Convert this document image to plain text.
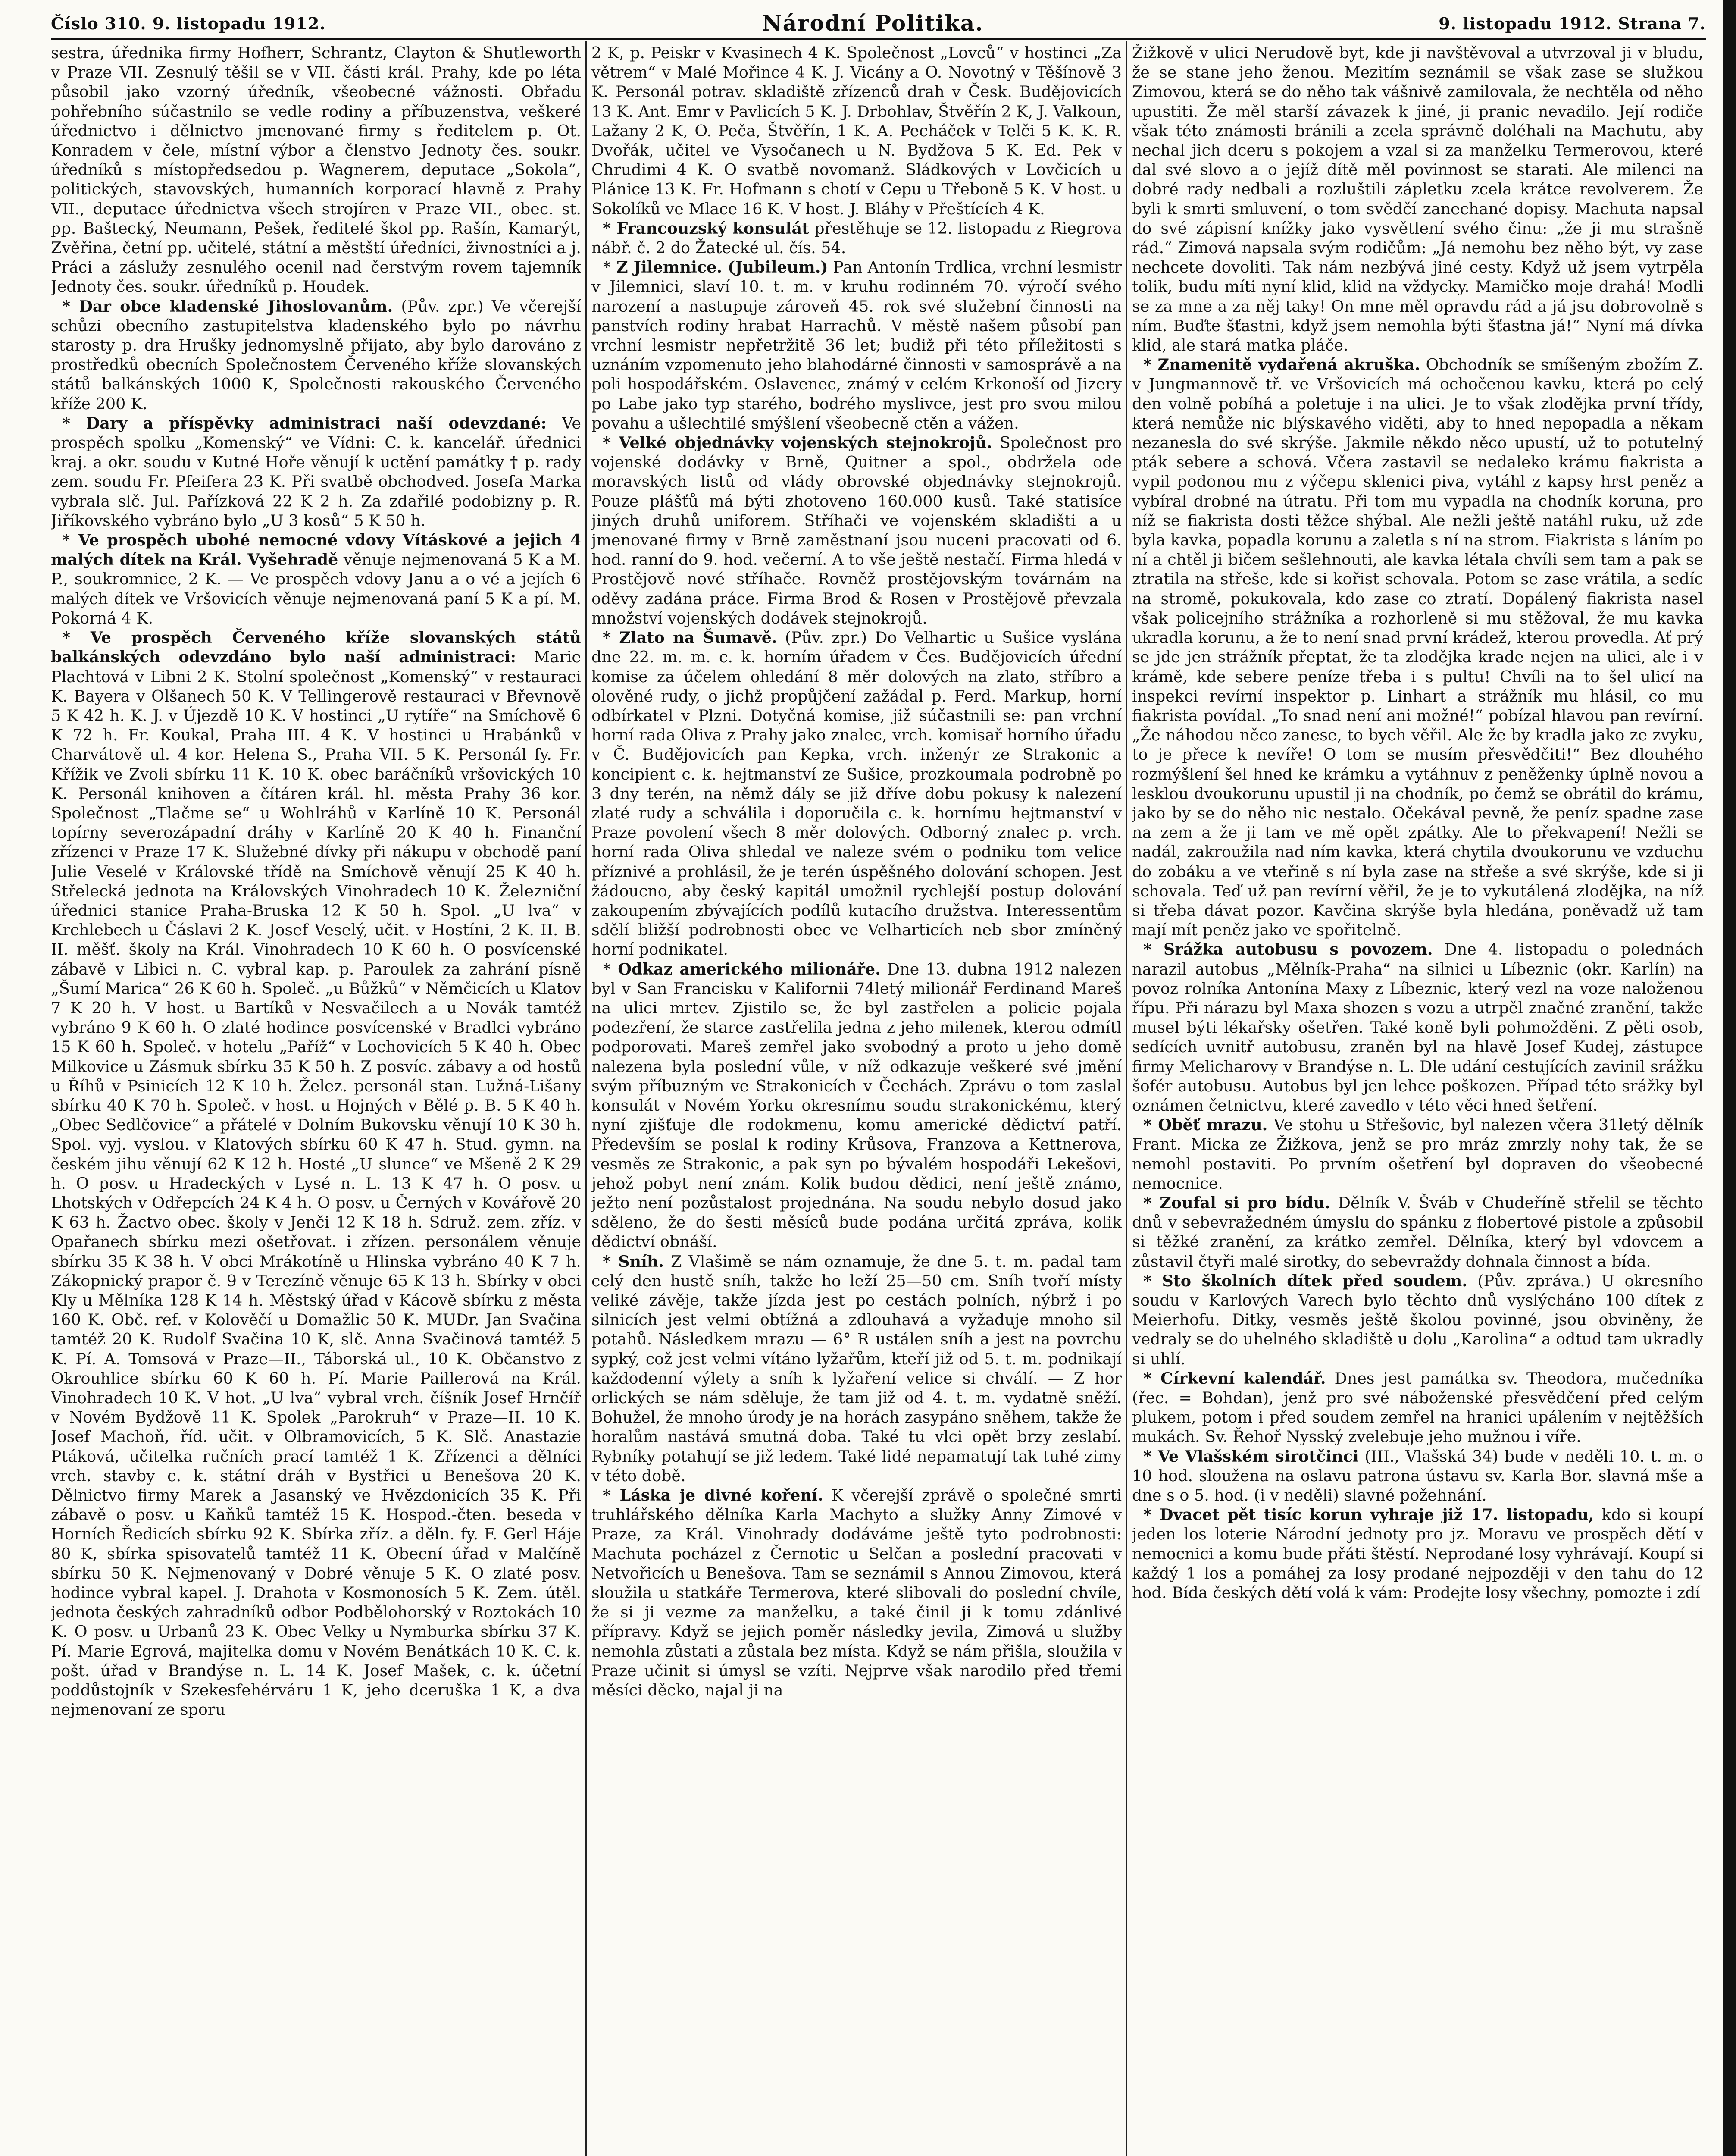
Číslo 310. 9. listopadu 1912.	Národní Politika.	9. listopadu 1912. Strana 7.

sestra, úřednika firmy Hofherr, Schrantz, Clayton & Shutleworth v Praze VII. Zesnulý těšil se v VII. části král. Prahy, kde po léta působil jako vzorný úředník, všeobecné vážnosti. Obřadu pohřebního súčastnilo se vedle rodiny a příbuzenstva, veškeré úřednictvo i dělnictvo jmenované firmy s ředitelem p. Ot. Konradem v čele, místní výbor a členstvo Jednoty čes. soukr. úředníků s místopředsedou p. Wagnerem, deputace „Sokola“, politických, stavovských, humanních korporací hlavně z Prahy VII., deputace úřednictva všech strojíren v Praze VII., obec. st. pp. Baštecký, Neumann, Pešek, ředitelé škol pp. Rašín, Kamarýt, Zvěřina, četní pp. učitelé, státní a městští úředníci, živnostníci a j. Práci a záslužy zesnulého ocenil nad čerstvým rovem tajemník Jednoty čes. soukr. úředníků p. Houdek.

* Dar obce kladenské Jihoslovanům. (Pův. zpr.) Ve včerejší schůzi obecního zastupitelstva kladenského bylo po návrhu starosty p. dra Hrušky jednomyslně přijato, aby bylo darováno z prostředků obecních Společnostem Červeného kříže slovanských států balkánských 1000 K, Společnosti rakouského Červeného kříže 200 K.

* Dary a příspěvky administraci naší odevzdané: Ve prospěch spolku „Komenský“ ve Vídni: C. k. kancelář. úřednici kraj. a okr. soudu v Kutné Hoře věnují k uctění památky † p. rady zem. soudu Fr. Pfeifera 23 K. Při svatbě obchodved. Josefa Marka vybrala slč. Jul. Pařízková 22 K 2 h. Za zdařilé podobizny p. R. Jiříkovského vybráno bylo „U 3 kosů“ 5 K 50 h.

* Ve prospěch ubohé nemocné vdovy Vításkové a jejich 4 malých dítek na Král. Vyšehradě věnuje nejmenovaná 5 K a M. P., soukromnice, 2 K. — Ve prospěch vdovy Janu a o vé a jejích 6 malých dítek ve Vršovicích věnuje nejmenovaná paní 5 K a pí. M. Pokorná 4 K.

* Ve prospěch Červeného kříže slovanských států balkánských odevzdáno bylo naší administraci: Marie Plachtová v Libni 2 K. Stolní společnost „Komenský“ v restauraci K. Bayera v Olšanech 50 K. V Tellingerově restauraci v Břevnově 5 K 42 h. K. J. v Újezdě 10 K. V hostinci „U rytíře“ na Smíchově 6 K 72 h. Fr. Koukal, Praha III. 4 K. V hostinci u Hrabánků v Charvátově ul. 4 kor. Helena S., Praha VII. 5 K. Personál fy. Fr. Křížik ve Zvoli sbírku 11 K. 10 K. obec baráčníků vršovických 10 K. Personál knihoven a čítáren král. hl. města Prahy 36 kor. Společnost „Tlačme se“ u Wohlráhů v Karlíně 10 K. Personál topírny severozápadní dráhy v Karlíně 20 K 40 h. Finanční zřízenci v Praze 17 K. Služebné dívky při nákupu v obchodě paní Julie Veselé v Královské třídě na Smíchově věnují 25 K 40 h. Střelecká jednota na Královských Vinohradech 10 K. Železniční úřednici stanice Praha-Bruska 12 K 50 h. Spol. „U lva“ v Krchlebech u Čáslavi 2 K. Josef Veselý, učit. v Hostíni, 2 K. II. B. II. měšť. školy na Král. Vinohradech 10 K 60 h. O posvícenské zábavě v Libici n. C. vybral kap. p. Paroulek za zahrání písně „Šumí Marica“ 26 K 60 h. Společ. „u Bůžků“ v Němčicích u Klatov 7 K 20 h. V host. u Bartíků v Nesvačilech a u Novák tamtéž vybráno 9 K 60 h. O zlaté hodince posvícenské v Bradlci vybráno 15 K 60 h. Společ. v hotelu „Paříž“ v Lochovicích 5 K 40 h. Obec Milkovice u Zásmuk sbírku 35 K 50 h. Z posvíc. zábavy a od hostů u Říhů v Psinicích 12 K 10 h. Želez. personál stan. Lužná-Lišany sbírku 40 K 70 h. Společ. v host. u Hojných v Bělé p. B. 5 K 40 h. „Obec Sedlčovice“ a přátelé v Dolním Bukovsku věnují 10 K 30 h. Spol. vyj. vyslou. v Klatových sbírku 60 K 47 h. Stud. gymn. na českém jihu věnují 62 K 12 h. Hosté „U slunce“ ve Mšeně 2 K 29 h. O posv. u Hradeckých v Lysé n. L. 13 K 47 h. O posv. u Lhotských v Odřepcích 24 K 4 h. O posv. u Černých v Kovářově 20 K 63 h. Žactvo obec. školy v Jenči 12 K 18 h. Sdruž. zem. zříz. v Opařanech sbírku mezi ošetřovat. i zřízen. personálem věnuje sbírku 35 K 38 h. V obci Mrákotíně u Hlinska vybráno 40 K 7 h. Zákopnický prapor č. 9 v Terezíně věnuje 65 K 13 h. Sbírky v obci Kly u Mělníka 128 K 14 h. Městský úřad v Kácově sbírku z města 160 K. Obč. ref. v Kolověčí u Domažlic 50 K. MUDr. Jan Svačina tamtéž 20 K. Rudolf Svačina 10 K, slč. Anna Svačinová tamtéž 5 K. Pí. A. Tomsová v Praze—II., Táborská ul., 10 K. Občanstvo z Okrouhlice sbírku 60 K 60 h. Pí. Marie Paillerová na Král. Vinohradech 10 K. V hot. „U lva“ vybral vrch. číšník Josef Hrnčíř v Novém Bydžově 11 K. Spolek „Parokruh“ v Praze—II. 10 K. Josef Machoň, říd. učit. v Olbramovicích, 5 K. Slč. Anastazie Ptáková, učitelka ručních prací tamtéž 1 K. Zřízenci a dělníci vrch. stavby c. k. státní dráh v Bystřici u Benešova 20 K. Dělnictvo firmy Marek a Jasanský ve Hvězdonicích 35 K. Při zábavě o posv. u Kaňků tamtéž 15 K. Hospod.-čten. beseda v Horních Ředicích sbírku 92 K. Sbírka zříz. a děln. fy. F. Gerl Háje 80 K, sbírka spisovatelů tamtéž 11 K. Obecní úřad v Malčíně sbírku 50 K. Nejmenovaný v Dobré věnuje 5 K. O zlaté posv. hodince vybral kapel. J. Drahota v Kosmonosích 5 K. Zem. útěl. jednota českých zahradníků odbor Podbělohorský v Roztokách 10 K. O posv. u Urbanů 23 K. Obec Velky u Nymburka sbírku 37 K. Pí. Marie Egrová, majitelka domu v Novém Benátkách 10 K. C. k. pošt. úřad v Brandýse n. L. 14 K. Josef Mašek, c. k. účetní poddůstojník v Szekesfehérváru 1 K, jeho dceruška 1 K, a dva nejmenovaní ze sporu

2 K, p. Peiskr v Kvasinech 4 K. Společnost „Lovců“ v hostinci „Za větrem“ v Malé Mořince 4 K. J. Vicány a O. Novotný v Těšínově 3 K. Personál potrav. skladiště zřízenců drah v Česk. Budějovicích 13 K. Ant. Emr v Pavlicích 5 K. J. Drbohlav, Štvěřín 2 K, J. Valkoun, Lažany 2 K, O. Peča, Štvěřín, 1 K. A. Pecháček v Telči 5 K. K. R. Dvořák, učitel ve Vysočanech u N. Bydžova 5 K. Ed. Pek v Chrudimi 4 K. O svatbě novomanž. Sládkových v Lovčicích u Plánice 13 K. Fr. Hofmann s chotí v Cepu u Třeboně 5 K. V host. u Sokolíků ve Mlace 16 K. V host. J. Bláhy v Přeštících 4 K.

* Francouzský konsulát přestěhuje se 12. listopadu z Riegrova nábř. č. 2 do Žatecké ul. čís. 54.

* Z Jilemnice. (Jubileum.) Pan Antonín Trdlica, vrchní lesmistr v Jilemnici, slaví 10. t. m. v kruhu rodinném 70. výročí svého narození a nastupuje zároveň 45. rok své služební činnosti na panstvích rodiny hrabat Harrachů. V městě našem působí pan vrchní lesmistr nepřetržitě 36 let; budiž při této příležitosti s uznáním vzpomenuto jeho blahodárné činnosti v samosprávě a na poli hospodářském. Oslavenec, známý v celém Krkonoší od Jizery po Labe jako typ starého, bodrého myslivce, jest pro svou milou povahu a ušlechtilé smýšlení všeobecně ctěn a vážen.

* Velké objednávky vojenských stejnokrojů. Společnost pro vojenské dodávky v Brně, Quitner a spol., obdržela ode moravských listů od vlády obrovské objednávky stejnokrojů. Pouze plášťů má býti zhotoveno 160.000 kusů. Také statisíce jiných druhů uniforem. Stříhači ve vojenském skladišti a u jmenované firmy v Brně zaměstnaní jsou nuceni pracovati od 6. hod. ranní do 9. hod. večerní. A to vše ještě nestačí. Firma hledá v Prostějově nové stříhače. Rovněž prostějovským továrnám na oděvy zadána práce. Firma Brod & Rosen v Prostějově převzala množství vojenských dodávek stejnokrojů.

* Zlato na Šumavě. (Pův. zpr.) Do Velhartic u Sušice vyslána dne 22. m. m. c. k. horním úřadem v Čes. Budějovicích úřední komise za účelem ohledání 8 měr dolových na zlato, stříbro a olověné rudy, o jichž propůjčení zažádal p. Ferd. Markup, horní odbírkatel v Plzni. Dotyčná komise, již súčastnili se: pan vrchní horní rada Oliva z Prahy jako znalec, vrch. komisař horního úřadu v Č. Budějovicích pan Kepka, vrch. inženýr ze Strakonic a koncipient c. k. hejtmanství ze Sušice, prozkoumala podrobně po 3 dny terén, na němž dály se již dříve dobu pokusy k nalezení zlaté rudy a schválila i doporučila c. k. hornímu hejtmanství v Praze povolení všech 8 měr dolových. Odborný znalec p. vrch. horní rada Oliva shledal ve naleze svém o podniku tom velice příznivé a prohlásil, že je terén úspěšného dolování schopen. Jest žádoucno, aby český kapitál umožnil rychlejší postup dolování zakoupením zbývajících podílů kutacího družstva. Interessentům sdělí bližší podrobnosti obec ve Velharticích neb sbor zmíněný horní podnikatel.

* Odkaz amerického milionáře. Dne 13. dubna 1912 nalezen byl v San Francisku v Kalifornii 74letý milionář Ferdinand Mareš na ulici mrtev. Zjistilo se, že byl zastřelen a policie pojala podezření, že starce zastřelila jedna z jeho milenek, kterou odmítl podporovati. Mareš zemřel jako svobodný a proto u jeho domě nalezena byla poslední vůle, v níž odkazuje veškeré své jmění svým příbuzným ve Strakonicích v Čechách. Zprávu o tom zaslal konsulát v Novém Yorku okresnímu soudu strakonickému, který nyní zjišťuje dle rodokmenu, komu americké dědictví patří. Především se poslal k rodiny Krůsova, Franzova a Kettnerova, vesměs ze Strakonic, a pak syn po bývalém hospodáři Lekešovi, jehož pobyt není znám. Kolik budou dědici, není ještě známo, ježto není pozůstalost projednána. Na soudu nebylo dosud jako sděleno, že do šesti měsíců bude podána určitá zpráva, kolik dědictví obnáší.

* Sníh. Z Vlašimě se nám oznamuje, že dne 5. t. m. padal tam celý den hustě sníh, takže ho leží 25—50 cm. Sníh tvoří místy veliké závěje, takže jízda jest po cestách polních, nýbrž i po silnicích jest velmi obtížná a zdlouhavá a vyžaduje mnoho sil potahů. Následkem mrazu — 6° R ustálen sníh a jest na povrchu sypký, což jest velmi vítáno lyžařům, kteří již od 5. t. m. podnikají každodenní výlety a sníh k lyžaření velice si chválí. — Z hor orlických se nám sděluje, že tam již od 4. t. m. vydatně sněží. Bohužel, že mnoho úrody je na horách zasypáno sněhem, takže že horalům nastává smutná doba. Také tu vlci opět brzy zeslabí. Rybníky potahují se již ledem. Také lidé nepamatují tak tuhé zimy v této době.

* Láska je divné koření. K včerejší zprávě o společné smrti truhlářského dělníka Karla Machyto a služky Anny Zimové v Praze, za Král. Vinohrady dodáváme ještě tyto podrobnosti: Machuta pocházel z Černotic u Selčan a poslední pracovati v Netvořicích u Benešova. Tam se seznámil s Annou Zimovou, která sloužila u statkáře Termerova, které slibovali do poslední chvíle, že si ji vezme za manželku, a také činil ji k tomu zdánlivé přípravy. Když se jejich poměr následky jevila, Zimová u služby nemohla zůstati a zůstala bez místa. Když se nám přišla, sloužila v Praze učinit si úmysl se vzíti. Nejprve však narodilo před třemi měsíci děcko, najal ji na

Žižkově v ulici Nerudově byt, kde ji navštěvoval a utvrzoval ji v bludu, že se stane jeho ženou. Mezitím seznámil se však zase se služkou Zimovou, která se do něho tak vášnivě zamilovala, že nechtěla od něho upustiti. Že měl starší závazek k jiné, ji pranic nevadilo. Její rodiče však této známosti bránili a zcela správně doléhali na Machutu, aby nechal jich dceru s pokojem a vzal si za manželku Termerovou, které dal své slovo a o jejíž dítě měl povinnost se starati. Ale milenci na dobré rady nedbali a rozluštili zápletku zcela krátce revolverem. Že byli k smrti smluvení, o tom svědčí zanechané dopisy. Machuta napsal do své zápisní knížky jako vysvětlení svého činu: „že ji mu strašně rád.“ Zimová napsala svým rodičům: „Já nemohu bez něho být, vy zase nechcete dovoliti. Tak nám nezbývá jiné cesty. Když už jsem vytrpěla tolik, budu míti nyní klid, klid na vždycky. Mamičko moje drahá! Modli se za mne a za něj taky! On mne měl opravdu rád a já jsu dobrovolně s ním. Buďte šťastni, když jsem nemohla býti šťastna já!“ Nyní má dívka klid, ale stará matka pláče.

* Znamenitě vydařená akruška. Obchodník se smíšeným zbožím Z. v Jungmannově tř. ve Vršovicích má ochočenou kavku, která po celý den volně pobíhá a poletuje i na ulici. Je to však zlodějka první třídy, která nemůže nic blýskavého viděti, aby to hned nepopadla a někam nezanesla do své skrýše. Jakmile někdo něco upustí, už to potutelný pták sebere a schová. Včera zastavil se nedaleko krámu fiakrista a vypil podonou mu z výčepu sklenici piva, vytáhl z kapsy hrst peněz a vybíral drobné na útratu. Při tom mu vypadla na chodník koruna, pro níž se fiakrista dosti těžce shýbal. Ale nežli ještě natáhl ruku, už zde byla kavka, popadla korunu a zaletla s ní na strom. Fiakrista s láním po ní a chtěl ji bičem sešlehnouti, ale kavka létala chvíli sem tam a pak se ztratila na střeše, kde si kořist schovala. Potom se zase vrátila, a sedíc na stromě, pokukovala, kdo zase co ztratí. Dopálený fiakrista nasel však policejního strážníka a rozhorleně si mu stěžoval, že mu kavka ukradla korunu, a že to není snad první krádež, kterou provedla. Ať prý se jde jen strážník přeptat, že ta zlodějka krade nejen na ulici, ale i v krámě, kde sebere peníze třeba i s pultu! Chvíli na to šel ulicí na inspekci revírní inspektor p. Linhart a strážník mu hlásil, co mu fiakrista povídal. „To snad není ani možné!“ pobízal hlavou pan revírní. „Že náhodou něco zanese, to bych věřil. Ale že by kradla jako ze zvyku, to je přece k nevíře! O tom se musím přesvědčiti!“ Bez dlouhého rozmýšlení šel hned ke krámku a vytáhnuv z peněženky úplně novou a lesklou dvoukorunu upustil ji na chodník, po čemž se obrátil do krámu, jako by se do něho nic nestalo. Očekával pevně, že peníz spadne zase na zem a že ji tam ve mě opět zpátky. Ale to překvapení! Nežli se nadál, zakroužila nad ním kavka, která chytila dvoukorunu ve vzduchu do zobáku a ve vteřině s ní byla zase na střeše a své skrýše, kde si ji schovala. Teď už pan revírní věřil, že je to vykutálená zlodějka, na níž si třeba dávat pozor. Kavčina skrýše byla hledána, poněvadž už tam mají mít peněz jako ve spořitelně.

* Srážka autobusu s povozem. Dne 4. listopadu o polednách narazil autobus „Mělník-Praha“ na silnici u Líbeznic (okr. Karlín) na povoz rolníka Antonína Maxy z Líbeznic, který vezl na voze naloženou řípu. Při nárazu byl Maxa shozen s vozu a utrpěl značné zranění, takže musel býti lékařsky ošetřen. Také koně byli pohmožděni. Z pěti osob, sedících uvnitř autobusu, zraněn byl na hlavě Josef Kudej, zástupce firmy Melicharovy v Brandýse n. L. Dle udání cestujících zavinil srážku šofér autobusu. Autobus byl jen lehce poškozen. Případ této srážky byl oznámen četnictvu, které zavedlo v této věci hned šetření.

* Oběť mrazu. Ve stohu u Střešovic, byl nalezen včera 31letý dělník Frant. Micka ze Žižkova, jenž se pro mráz zmrzly nohy tak, že se nemohl postaviti. Po prvním ošetření byl dopraven do všeobecné nemocnice.

* Zoufal si pro bídu. Dělník V. Šváb v Chudeříně střelil se těchto dnů v sebevražedném úmyslu do spánku z flobertové pistole a způsobil si těžké zranění, za krátko zemřel. Dělníka, který byl vdovcem a zůstavil čtyři malé sirotky, do sebevraždy dohnala činnost a bída.

* Sto školních dítek před soudem. (Pův. zpráva.) U okresního soudu v Karlových Varech bylo těchto dnů vyslýcháno 100 dítek z Meierhofu. Ditky, vesměs ještě školou povinné, jsou obviněny, že vedraly se do uhelného skladiště u dolu „Karolina“ a odtud tam ukradly si uhlí.

* Církevní kalendář. Dnes jest památka sv. Theodora, mučedníka (řec. = Bohdan), jenž pro své náboženské přesvědčení před celým plukem, potom i před soudem zemřel na hranici upálením v nejtěžších mukách. Sv. Řehoř Nysský zvelebuje jeho mužnou i víře.

* Ve Vlašském sirotčinci (III., Vlašská 34) bude v neděli 10. t. m. o 10 hod. sloužena na oslavu patrona ústavu sv. Karla Bor. slavná mše a dne s o 5. hod. (i v neděli) slavné požehnání.

* Dvacet pět tisíc korun vyhraje již 17. listopadu, kdo si koupí jeden los loterie Národní jednoty pro jz. Moravu ve prospěch dětí v nemocnici a komu bude přáti štěstí. Neprodané losy vyhrávají. Koupí si každý 1 los a pomáhej za losy prodané nejpozději v den tahu do 12 hod. Bída českých dětí volá k vám: Prodejte losy všechny, pomozte i zdí
